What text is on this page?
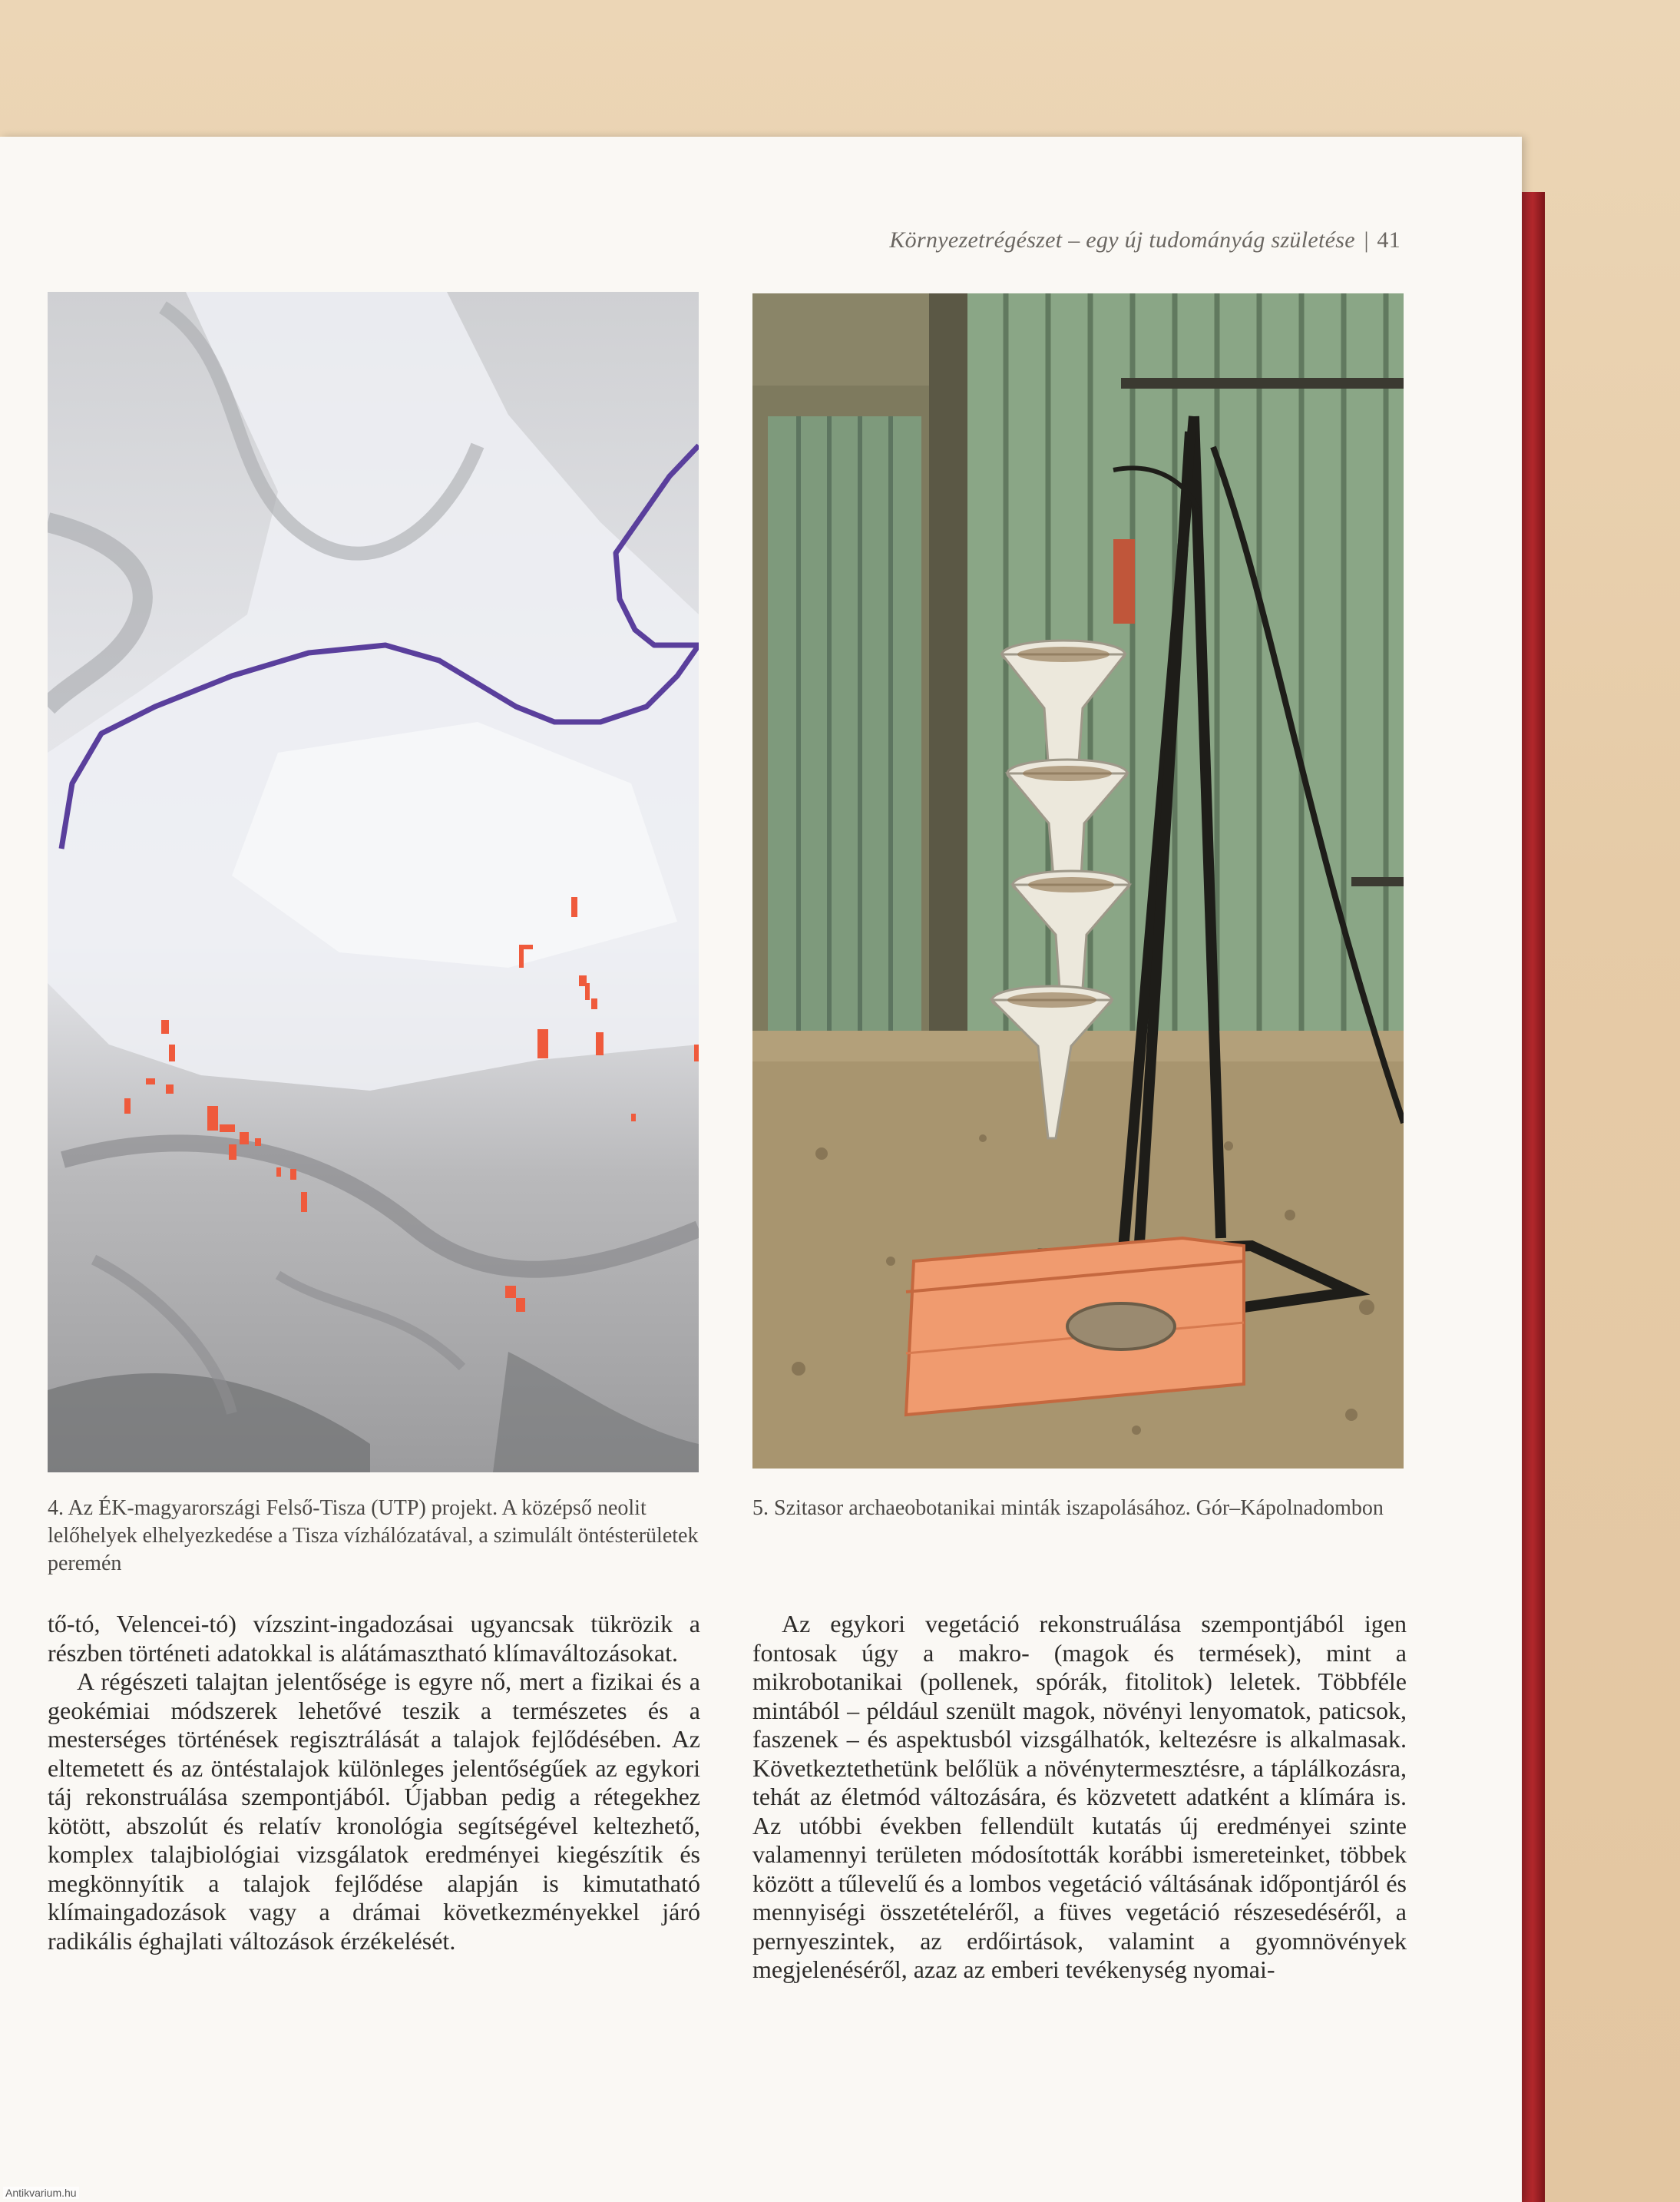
Környezetrégészet – egy új tudományág születése | 41
4. Az ÉK-magyarországi Felső-Tisza (UTP) projekt. A középső neolit lelőhelyek elhelyezkedése a Tisza vízhálózatával, a szimulált öntésterületek peremén
5. Szitasor archaeobotanikai minták iszapolásához. Gór–Kápolnadombon

tő-tó, Velencei-tó) vízszint-ingadozásai ugyancsak tükrözik a részben történeti adatokkal is alátámasztható klímaváltozásokat.

A régészeti talajtan jelentősége is egyre nő, mert a fizikai és a geokémiai módszerek lehetővé teszik a természetes és a mesterséges történések regisztrálását a talajok fejlődésében. Az eltemetett és az öntéstalajok különleges jelentőségűek az egykori táj rekonstruálása szempontjából. Újabban pedig a rétegekhez kötött, abszolút és relatív kronológia segítségével keltezhető, komplex talajbiológiai vizsgálatok eredményei kiegészítik és megkönnyítik a talajok fejlődése alapján is kimutatható klímaingadozások vagy a drámai következményekkel járó radikális éghajlati változások érzékelését.

Az egykori vegetáció rekonstruálása szempontjából igen fontosak úgy a makro- (magok és termések), mint a mikrobotanikai (pollenek, spórák, fitolitok) leletek. Többféle mintából – például szenült magok, növényi lenyomatok, paticsok, faszenek – és aspektusból vizsgálhatók, keltezésre is alkalmasak. Következtethetünk belőlük a növénytermesztésre, a táplálkozásra, tehát az életmód változására, és közvetett adatként a klímára is. Az utóbbi években fellendült kutatás új eredményei szinte valamennyi területen módosították korábbi ismereteinket, többek között a tűlevelű és a lombos vegetáció váltásának időpontjáról és mennyiségi összetételéről, a füves vegetáció részesedéséről, a pernyeszintek, az erdőirtások, valamint a gyomnövények megjelenéséről, azaz az emberi tevékenység nyomai-

Antikvarium.hu
